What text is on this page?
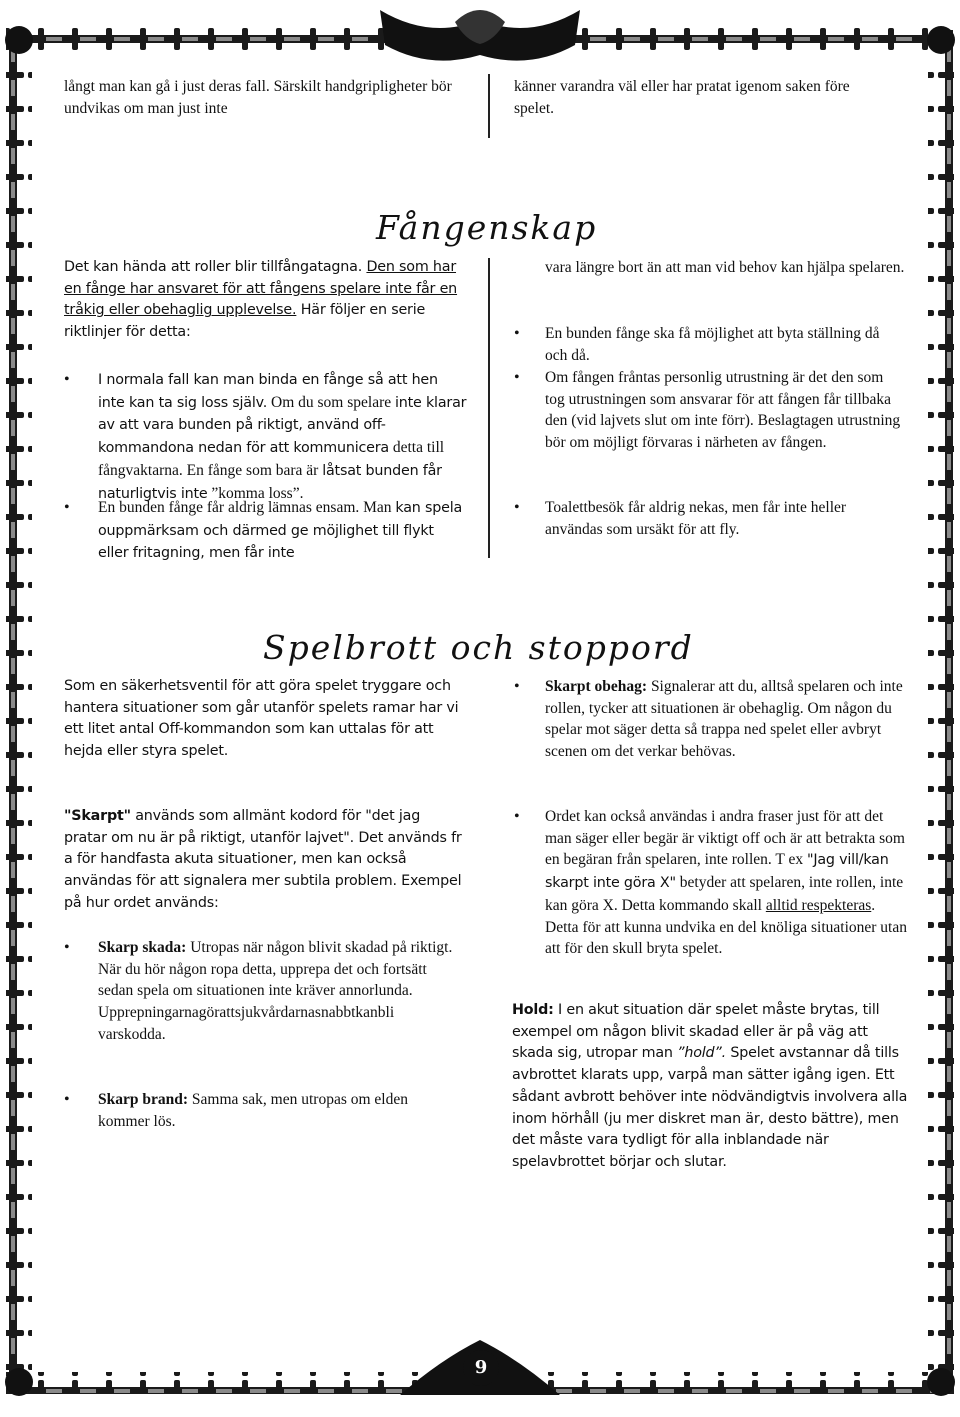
långt man kan gå i just deras fall. Särskilt handgripligheter bör undvikas om man just inte

känner varandra väl eller har pratat igenom saken före spelet.

Fångenskap
Det kan hända att roller blir tillfångatagna. Den som har en fånge har ansvaret för att fångens spelare inte får en tråkig eller obehaglig upplevelse. Här följer en serie riktlinjer för detta:
• I normala fall kan man binda en fånge så att hen inte kan ta sig loss själv. Om du som spelare inte klarar av att vara bunden på riktigt, använd off-kommandona nedan för att kommunicera detta till fångvaktarna. En fånge som bara är låtsat bunden får naturligtvis inte ”komma loss”.
• En bunden fånge får aldrig lämnas ensam. Man kan spela ouppmärksam och därmed ge möjlighet till flykt eller fritagning, men får inte

vara längre bort än att man vid behov kan hjälpa spelaren.

• En bunden fånge ska få möjlighet att byta ställning då och då.

• Om fången fråntas personlig utrustning är det den som tog utrustningen som ansvarar för att fången får tillbaka den (vid lajvets slut om inte förr). Beslagtagen utrustning bör om möjligt förvaras i närheten av fången.

• Toalettbesök får aldrig nekas, men får inte heller användas som ursäkt för att fly.

Spelbrott och stoppord

Som en säkerhetsventil för att göra spelet tryggare och hantera situationer som går utanför spelets ramar har vi ett litet antal Off-kommandon som kan uttalas för att hejda eller styra spelet.

"Skarpt" används som allmänt kodord för "det jag pratar om nu är på riktigt, utanför lajvet". Det används fr a för handfasta akuta situationer, men kan också användas för att signalera mer subtila problem. Exempel på hur ordet används:
• Skarp skada: Utropas när någon blivit skadad på riktigt. När du hör någon ropa detta, upprepa det och fortsätt sedan spela om situationen inte kräver annorlunda. Upprepningarnagörattsjukvårdarnasnabbtkanbli varskodda.
• Skarp brand: Samma sak, men utropas om elden kommer lös.
• Skarpt obehag: Signalerar att du, alltså spelaren och inte rollen, tycker att situationen är obehaglig. Om någon du spelar mot säger detta så trappa ned spelet eller avbryt scenen om det verkar behövas.
• Ordet kan också användas i andra fraser just för att det man säger eller begär är viktigt off och är att betrakta som en begäran från spelaren, inte rollen. T ex "Jag vill/kan skarpt inte göra X" betyder att spelaren, inte rollen, inte kan göra X. Detta kommando skall alltid respekteras. Detta för att kunna undvika en del knöliga situationer utan att för den skull bryta spelet.
Hold: I en akut situation där spelet måste brytas, till exempel om någon blivit skadad eller är på väg att skada sig, utropar man ”hold”. Spelet avstannar då tills avbrottet klarats upp, varpå man sätter igång igen. Ett sådant avbrott behöver inte nödvändigtvis involvera alla inom hörhåll (ju mer diskret man är, desto bättre), men det måste vara tydligt för alla inblandade när spelavbrottet börjar och slutar.
9
